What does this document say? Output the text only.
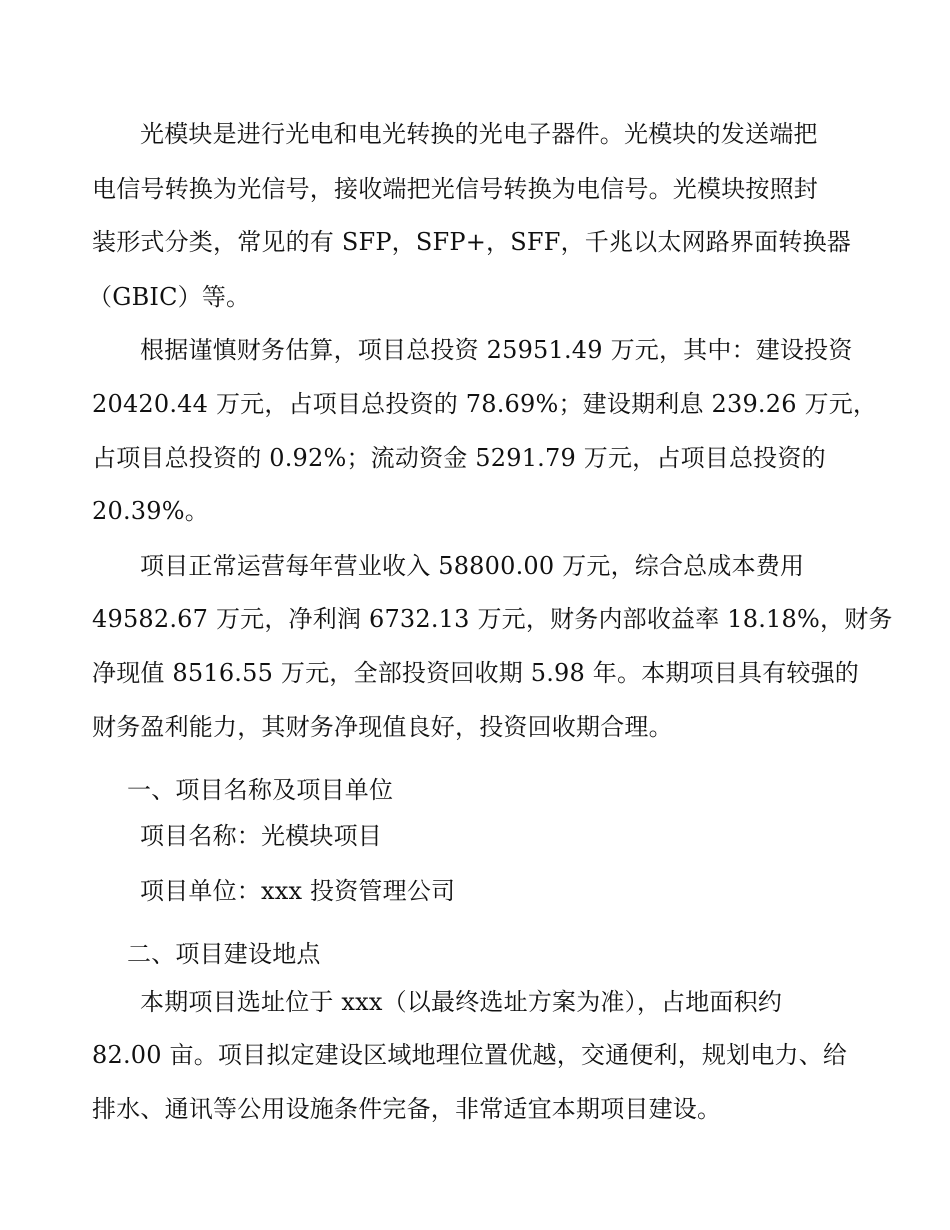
光模块是进行光电和电光转换的光电子器件。光模块的发送端把
电信号转换为光信号，接收端把光信号转换为电信号。光模块按照封
装形式分类，常见的有 SFP，SFP+，SFF，千兆以太网路界面转换器
（GBIC）等。
根据谨慎财务估算，项目总投资 25951.49 万元，其中：建设投资
20420.44 万元，占项目总投资的 78.69%；建设期利息 239.26 万元，
占项目总投资的 0.92%；流动资金 5291.79 万元，占项目总投资的
20.39%。
项目正常运营每年营业收入 58800.00 万元，综合总成本费用
49582.67 万元，净利润 6732.13 万元，财务内部收益率 18.18%，财务
净现值 8516.55 万元，全部投资回收期 5.98 年。本期项目具有较强的
财务盈利能力，其财务净现值良好，投资回收期合理。
一、项目名称及项目单位
项目名称：光模块项目
项目单位：xxx 投资管理公司
二、项目建设地点
本期项目选址位于 xxx（以最终选址方案为准），占地面积约
82.00 亩。项目拟定建设区域地理位置优越，交通便利，规划电力、给
排水、通讯等公用设施条件完备，非常适宜本期项目建设。
